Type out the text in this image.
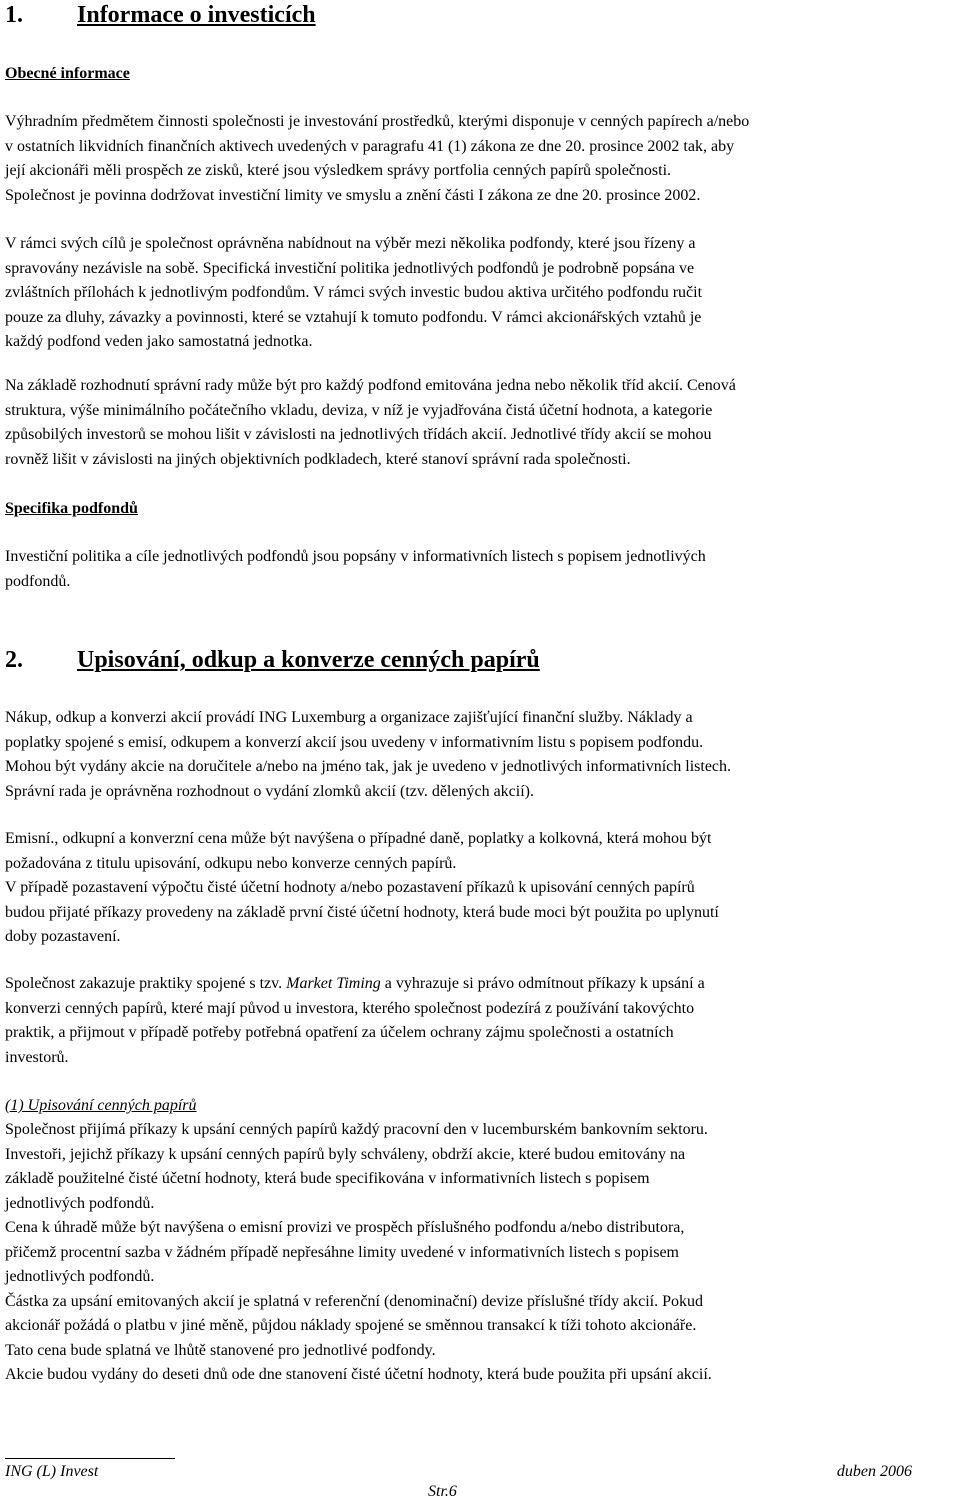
1. Informace o investicích
Obecné informace
Výhradním předmětem činnosti společnosti je investování prostředků, kterými disponuje v cenných papírech a/nebo
v ostatních likvidních finančních aktivech uvedených v paragrafu 41 (1) zákona ze dne 20. prosince 2002 tak, aby
její akcionáři měli prospěch ze zisků, které jsou výsledkem správy portfolia cenných papírů společnosti.
Společnost je povinna dodržovat investiční limity ve smyslu a znění části I zákona ze dne 20. prosince 2002.
V rámci svých cílů je společnost oprávněna nabídnout na výběr mezi několika podfondy, které jsou řízeny a
spravovány nezávisle na sobě. Specifická investiční politika jednotlivých podfondů je podrobně popsána ve
zvláštních přílohách k jednotlivým podfondům. V rámci svých investic budou aktiva určitého podfondu ručit
pouze za dluhy, závazky a povinnosti, které se vztahují k tomuto podfondu. V rámci akcionářských vztahů je
každý podfond veden jako samostatná jednotka.
Na základě rozhodnutí správní rady může být pro každý podfond emitována jedna nebo několik tříd akcií. Cenová
struktura, výše minimálního počátečního vkladu, deviza, v níž je vyjadřována čistá účetní hodnota, a kategorie
způsobilých investorů se mohou lišit v závislosti na jednotlivých třídách akcií. Jednotlivé třídy akcií se mohou
rovněž lišit v závislosti na jiných objektivních podkladech, které stanoví správní rada společnosti.
Specifika podfondů
Investiční politika a cíle jednotlivých podfondů jsou popsány v informativních listech s popisem jednotlivých
podfondů.
2. Upisování, odkup a konverze cenných papírů
Nákup, odkup a konverzi akcií provádí ING Luxemburg a organizace zajišťující finanční služby. Náklady a
poplatky spojené s emisí, odkupem a konverzí akcií jsou uvedeny v informativním listu s popisem podfondu.
Mohou být vydány akcie na doručitele a/nebo na jméno tak, jak je uvedeno v jednotlivých informativních listech.
Správní rada je oprávněna rozhodnout o vydání zlomků akcií (tzv. dělených akcií).
Emisní., odkupní a konverzní cena může být navýšena o případné daně, poplatky a kolkovná, která mohou být
požadována z titulu upisování, odkupu nebo konverze cenných papírů.
V případě pozastavení výpočtu čisté účetní hodnoty a/nebo pozastavení příkazů k upisování cenných papírů
budou přijaté příkazy provedeny na základě první čisté účetní hodnoty, která bude moci být použita po uplynutí
doby pozastavení.
Společnost zakazuje praktiky spojené s tzv. Market Timing a vyhrazuje si právo odmítnout příkazy k upsání a
konverzi cenných papírů, které mají původ u investora, kterého společnost podezírá z používání takovýchto
praktik, a přijmout v případě potřeby potřebná opatření za účelem ochrany zájmu společnosti a ostatních
investorů.
(1) Upisování cenných papírů
Společnost přijímá příkazy k upsání cenných papírů každý pracovní den v lucemburském bankovním sektoru.
Investoři, jejichž příkazy k upsání cenných papírů byly schváleny, obdrží akcie, které budou emitovány na
základě použitelné čisté účetní hodnoty, která bude specifikována v informativních listech s popisem
jednotlivých podfondů.
Cena k úhradě může být navýšena o emisní provizi ve prospěch příslušného podfondu a/nebo distributora,
přičemž procentní sazba v žádném případě nepřesáhne limity uvedené v informativních listech s popisem
jednotlivých podfondů.
Částka za upsání emitovaných akcií je splatná v referenční (denominační) devize příslušné třídy akcií. Pokud
akcionář požádá o platbu v jiné měně, půjdou náklady spojené se směnnou transakcí k tíži tohoto akcionáře.
Tato cena bude splatná ve lhůtě stanovené pro jednotlivé podfondy.
Akcie budou vydány do deseti dnů ode dne stanovení čisté účetní hodnoty, která bude použita při upsání akcií.
ING (L) Invest	duben 2006
Str.6
